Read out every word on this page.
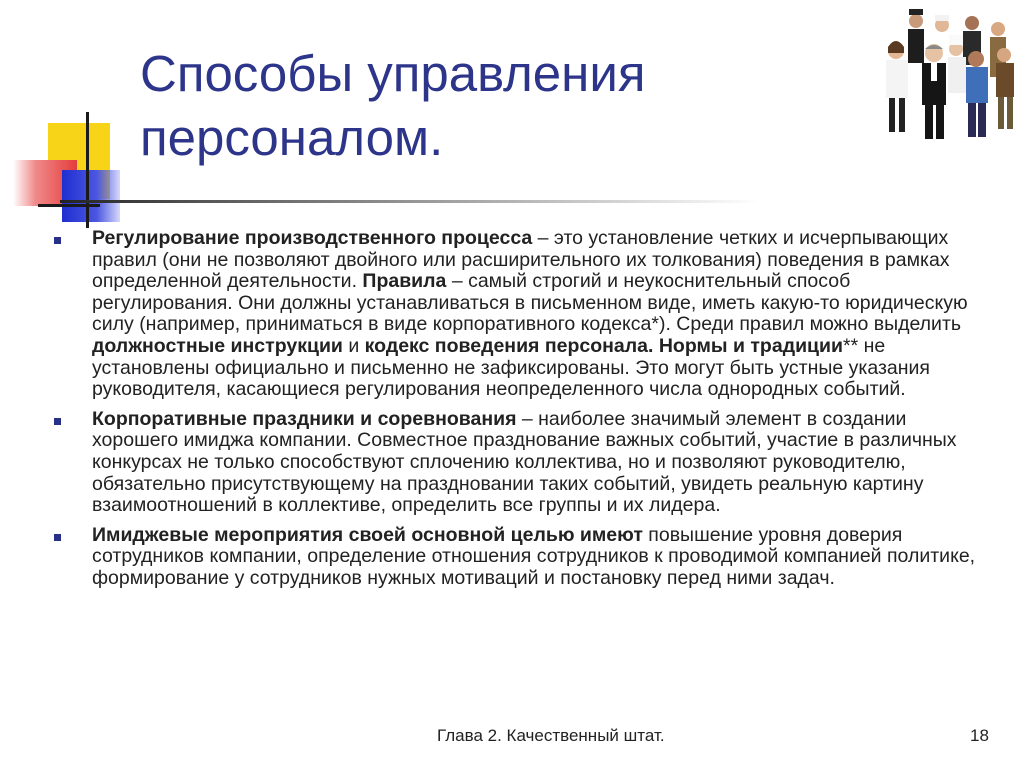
Способы управления персоналом.

Регулирование производственного процесса – это установление четких и исчерпывающих правил (они не позволяют двойного или расширительного их толкования) поведения в рамках определенной деятельности. Правила – самый строгий и неукоснительный способ регулирования. Они должны устанавливаться в письменном виде, иметь какую-то юридическую силу (например, приниматься в виде корпоративного кодекса*). Среди правил можно выделить должностные инструкции и кодекс поведения персонала. Нормы и традиции** не установлены официально и письменно не зафиксированы. Это могут быть устные указания руководителя, касающиеся регулирования неопределенного числа однородных событий.

Корпоративные праздники и соревнования – наиболее значимый элемент в создании хорошего имиджа компании. Совместное празднование важных событий, участие в различных конкурсах не только способствуют сплочению коллектива, но и позволяют руководителю, обязательно присутствующему на праздновании таких событий, увидеть реальную картину взаимоотношений в коллективе, определить все группы и их лидера.

Имиджевые мероприятия своей основной целью имеют повышение уровня доверия сотрудников компании, определение отношения сотрудников к проводимой компанией политике, формирование у сотрудников нужных мотиваций и постановку перед ними задач.

Глава 2. Качественный штат.	18
